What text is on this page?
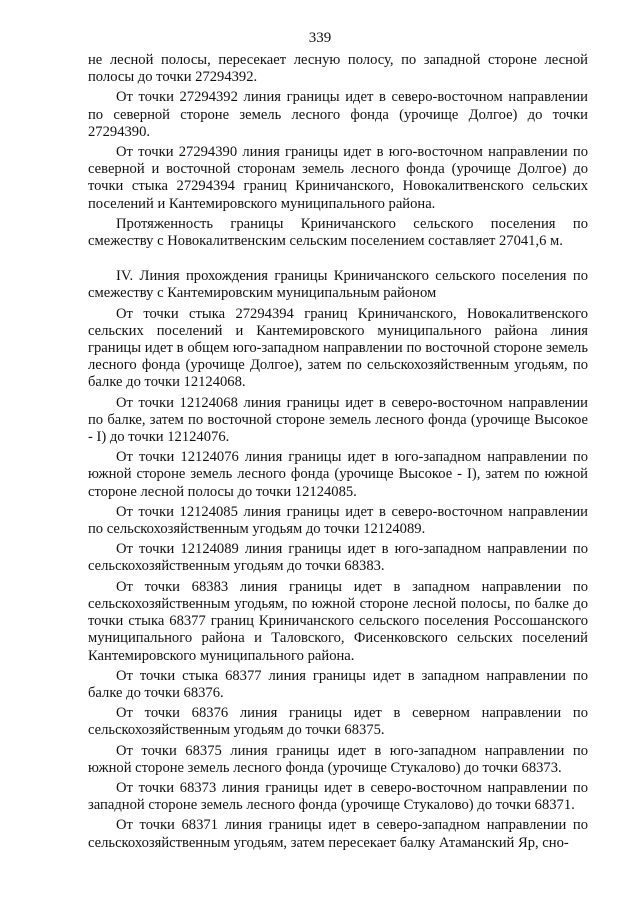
339

не лесной полосы, пересекает лесную полосу, по западной стороне лесной полосы до точки 27294392.

От точки 27294392 линия границы идет в северо-восточном направлении по северной стороне земель лесного фонда (урочище Долгое) до точки 27294390.

От точки 27294390 линия границы идет в юго-восточном направлении по северной и восточной сторонам земель лесного фонда (урочище Долгое) до точки стыка 27294394 границ Криничанского, Новокалитвенского сельских поселений и Кантемировского муниципального района.

Протяженность границы Криничанского сельского поселения по смежеству с Новокалитвенским сельским поселением составляет 27041,6 м.

IV. Линия прохождения границы Криничанского сельского поселения по смежеству с Кантемировским муниципальным районом

От точки стыка 27294394 границ Криничанского, Новокалитвенского сельских поселений и Кантемировского муниципального района линия границы идет в общем юго-западном направлении по восточной стороне земель лесного фонда (урочище Долгое), затем по сельскохозяйственным угодьям, по балке до точки 12124068.

От точки 12124068 линия границы идет в северо-восточном направлении по балке, затем по восточной стороне земель лесного фонда (урочище Высокое - I) до точки 12124076.

От точки 12124076 линия границы идет в юго-западном направлении по южной стороне земель лесного фонда (урочище Высокое - I), затем по южной стороне лесной полосы до точки 12124085.

От точки 12124085 линия границы идет в северо-восточном направлении по сельскохозяйственным угодьям до точки 12124089.

От точки 12124089 линия границы идет в юго-западном направлении по сельскохозяйственным угодьям до точки 68383.

От точки 68383 линия границы идет в западном направлении по сельскохозяйственным угодьям, по южной стороне лесной полосы, по балке до точки стыка 68377 границ Криничанского сельского поселения Россошанского муниципального района и Таловского, Фисенковского сельских поселений Кантемировского муниципального района.

От точки стыка 68377 линия границы идет в западном направлении по балке до точки 68376.

От точки 68376 линия границы идет в северном направлении по сельскохозяйственным угодьям до точки 68375.

От точки 68375 линия границы идет в юго-западном направлении по южной стороне земель лесного фонда (урочище Стукалово) до точки 68373.

От точки 68373 линия границы идет в северо-восточном направлении по западной стороне земель лесного фонда (урочище Стукалово) до точки 68371.

От точки 68371 линия границы идет в северо-западном направлении по сельскохозяйственным угодьям, затем пересекает балку Атаманский Яр, сно-
